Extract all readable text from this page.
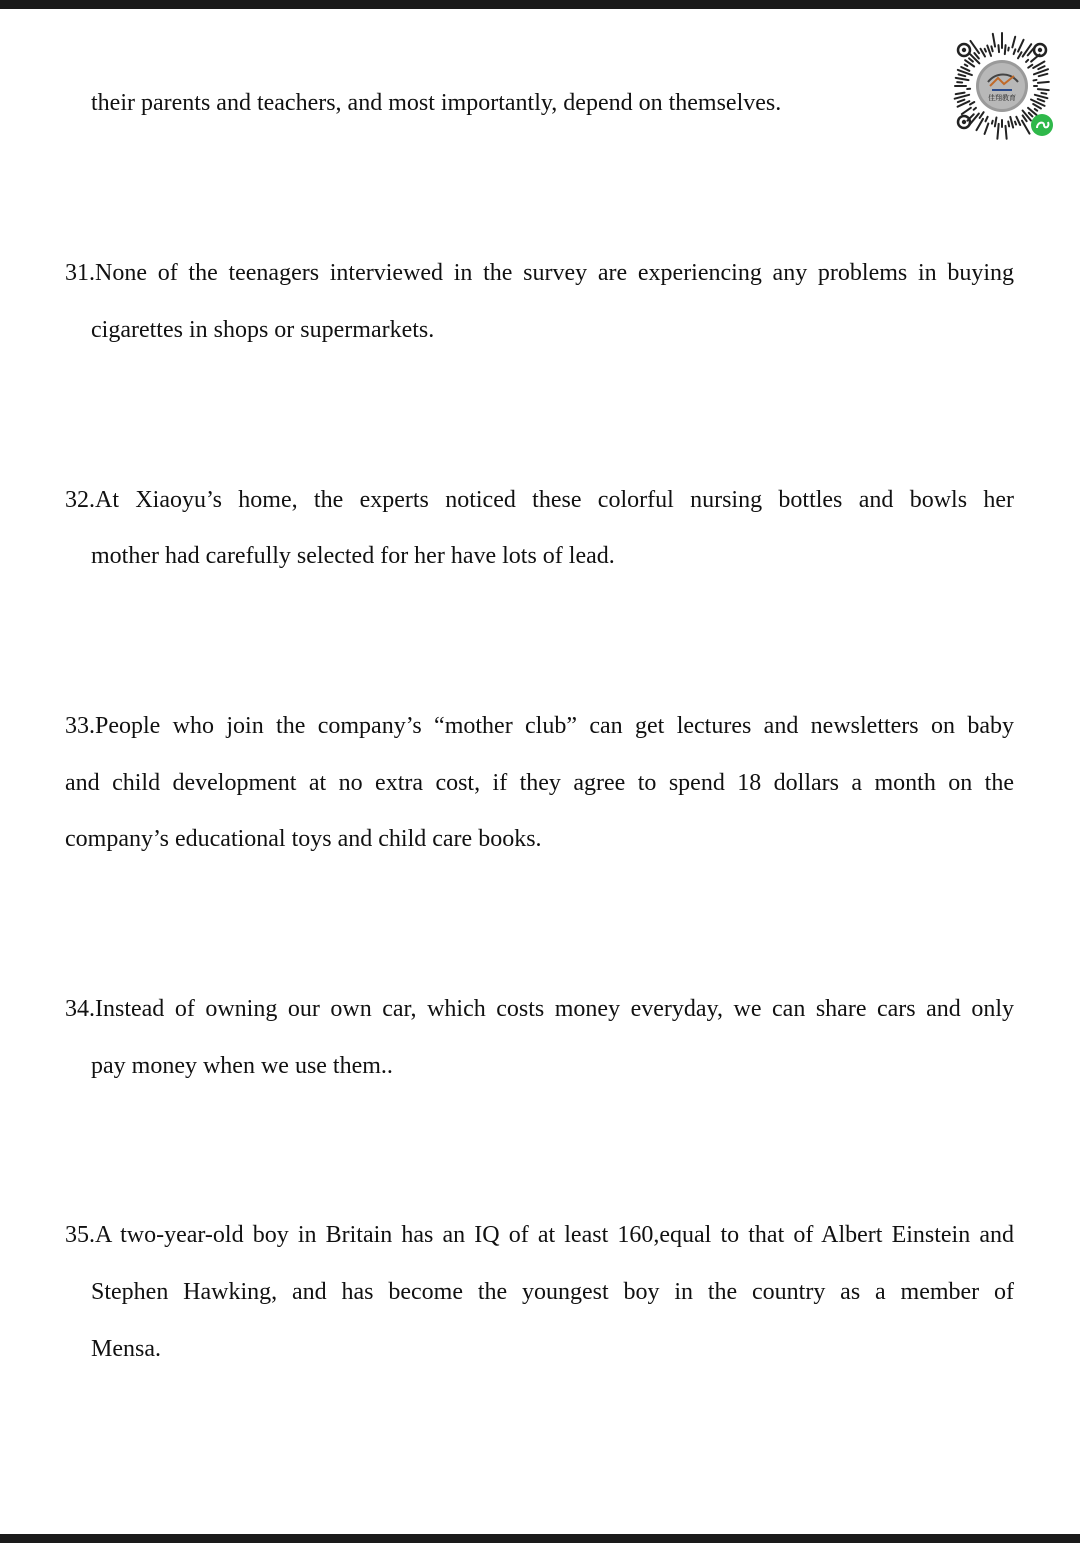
their parents and teachers, and most importantly, depend on themselves.	佳翔教育
31.None of the teenagers interviewed in the survey are experiencing any problems in buying
cigarettes in shops or supermarkets.
32.At Xiaoyu’s home, the experts noticed these colorful nursing bottles and bowls her
mother had carefully selected for her have lots of lead.
33.People who join the company’s “mother club” can get lectures and newsletters on baby
and child development at no extra cost, if they agree to spend 18 dollars a month on the
company’s educational toys and child care books.
34.Instead of owning our own car, which costs money everyday, we can share cars and only
pay money when we use them..
35.A two-year-old boy in Britain has an IQ of at least 160,equal to that of Albert Einstein and
Stephen Hawking, and has become the youngest boy in the country as a member of
Mensa.
